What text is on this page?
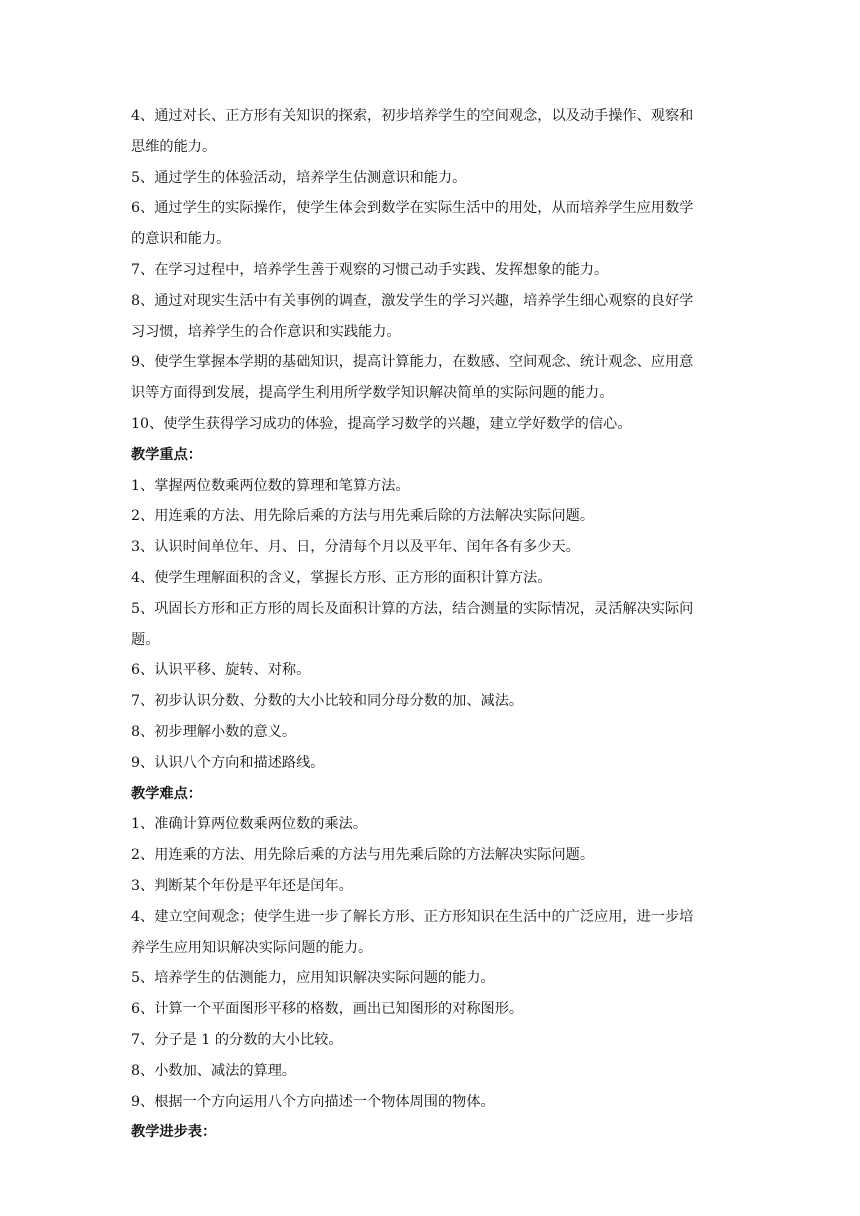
4、通过对长、正方形有关知识的探索，初步培养学生的空间观念，以及动手操作、观察和

思维的能力。

5、通过学生的体验活动，培养学生估测意识和能力。

6、通过学生的实际操作，使学生体会到数学在实际生活中的用处，从而培养学生应用数学

的意识和能力。

7、在学习过程中，培养学生善于观察的习惯己动手实践、发挥想象的能力。

8、通过对现实生活中有关事例的调查，激发学生的学习兴趣，培养学生细心观察的良好学

习习惯，培养学生的合作意识和实践能力。

9、使学生掌握本学期的基础知识，提高计算能力，在数感、空间观念、统计观念、应用意

识等方面得到发展，提高学生利用所学数学知识解决简单的实际问题的能力。

10、使学生获得学习成功的体验，提高学习数学的兴趣，建立学好数学的信心。

教学重点：

1、掌握两位数乘两位数的算理和笔算方法。

2、用连乘的方法、用先除后乘的方法与用先乘后除的方法解决实际问题。

3、认识时间单位年、月、日，分清每个月以及平年、闰年各有多少天。

4、使学生理解面积的含义，掌握长方形、正方形的面积计算方法。

5、巩固长方形和正方形的周长及面积计算的方法，结合测量的实际情况，灵活解决实际问

题。

6、认识平移、旋转、对称。

7、初步认识分数、分数的大小比较和同分母分数的加、减法。

8、初步理解小数的意义。

9、认识八个方向和描述路线。

教学难点：

1、准确计算两位数乘两位数的乘法。

2、用连乘的方法、用先除后乘的方法与用先乘后除的方法解决实际问题。

3、判断某个年份是平年还是闰年。

4、建立空间观念；使学生进一步了解长方形、正方形知识在生活中的广泛应用，进一步培

养学生应用知识解决实际问题的能力。

5、培养学生的估测能力，应用知识解决实际问题的能力。

6、计算一个平面图形平移的格数，画出已知图形的对称图形。

7、分子是 1 的分数的大小比较。

8、小数加、减法的算理。

9、根据一个方向运用八个方向描述一个物体周围的物体。

教学进步表：
